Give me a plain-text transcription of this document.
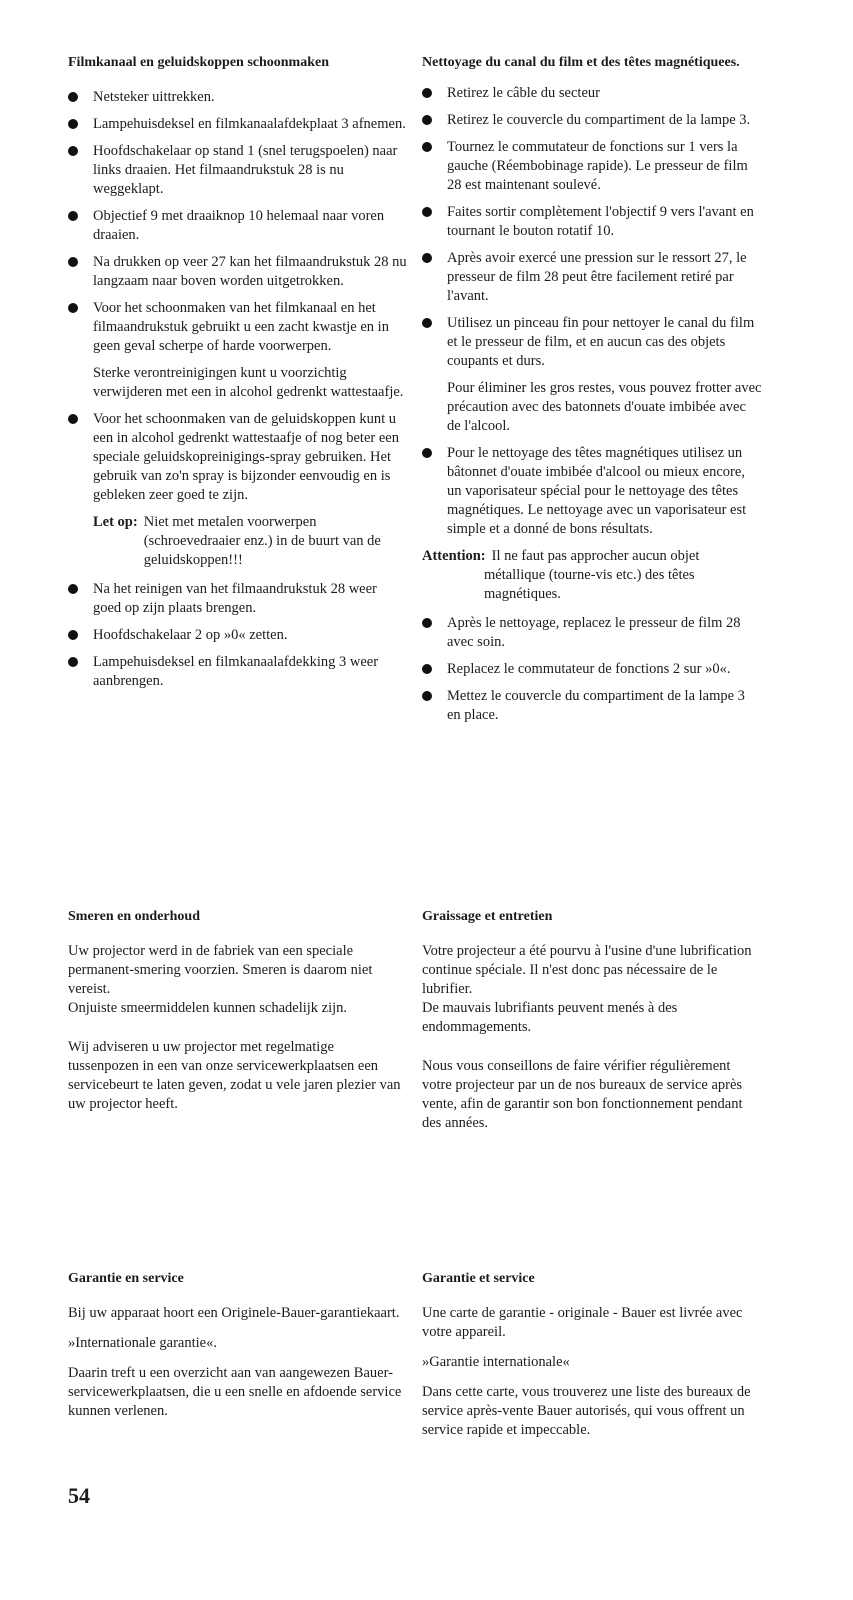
Filmkanaal en geluidskoppen schoonmaken
Netsteker uittrekken.
Lampehuisdeksel en filmkanaalafdekplaat 3 afnemen.
Hoofdschakelaar op stand 1 (snel terugspoelen) naar links draaien. Het filmaandrukstuk 28 is nu weggeklapt.
Objectief 9 met draaiknop 10 helemaal naar voren draaien.
Na drukken op veer 27 kan het filmaandrukstuk 28 nu langzaam naar boven worden uitgetrokken.
Voor het schoonmaken van het filmkanaal en het filmaandrukstuk gebruikt u een zacht kwastje en in geen geval scherpe of harde voorwerpen.
Sterke verontreinigingen kunt u voorzichtig verwijderen met een in alcohol gedrenkt wattestaafje.
Voor het schoonmaken van de geluidskoppen kunt u een in alcohol gedrenkt wattestaafje of nog beter een speciale geluidskopreinigings-spray gebruiken. Het gebruik van zo'n spray is bijzonder eenvoudig en is gebleken zeer goed te zijn.
Let op: Niet met metalen voorwerpen (schroevedraaier enz.) in de buurt van de geluidskoppen!!!
Na het reinigen van het filmaandrukstuk 28 weer goed op zijn plaats brengen.
Hoofdschakelaar 2 op »0« zetten.
Lampehuisdeksel en filmkanaalafdekking 3 weer aanbrengen.
Nettoyage du canal du film et des têtes magnétiquees.
Retirez le câble du secteur
Retirez le couvercle du compartiment de la lampe 3.
Tournez le commutateur de fonctions sur 1 vers la gauche (Réembobinage rapide). Le presseur de film 28 est maintenant soulevé.
Faites sortir complètement l'objectif 9 vers l'avant en tournant le bouton rotatif 10.
Après avoir exercé une pression sur le ressort 27, le presseur de film 28 peut être facilement retiré par l'avant.
Utilisez un pinceau fin pour nettoyer le canal du film et le presseur de film, et en aucun cas des objets coupants et durs.
Pour éliminer les gros restes, vous pouvez frotter avec précaution avec des batonnets d'ouate imbibée avec de l'alcool.
Pour le nettoyage des têtes magnétiques utilisez un bâtonnet d'ouate imbibée d'alcool ou mieux encore, un vaporisateur spécial pour le nettoyage des têtes magnétiques. Le nettoyage avec un vaporisateur est simple et a donné de bons résultats.
Attention: Il ne faut pas approcher aucun objet métallique (tourne-vis etc.) des têtes magnétiques.
Après le nettoyage, replacez le presseur de film 28 avec soin.
Replacez le commutateur de fonctions 2 sur »0«.
Mettez le couvercle du compartiment de la lampe 3 en place.
Smeren en onderhoud
Uw projector werd in de fabriek van een speciale permanent-smering voorzien. Smeren is daarom niet vereist.
Onjuiste smeermiddelen kunnen schadelijk zijn.
Wij adviseren u uw projector met regelmatige tussenpozen in een van onze servicewerkplaatsen een servicebeurt te laten geven, zodat u vele jaren plezier van uw projector heeft.
Graissage et entretien
Votre projecteur a été pourvu à l'usine d'une lubrification continue spéciale. Il n'est donc pas nécessaire de le lubrifier.
De mauvais lubrifiants peuvent menés à des endommagements.
Nous vous conseillons de faire vérifier régulièrement votre projecteur par un de nos bureaux de service après vente, afin de garantir son bon fonctionnement pendant des années.
Garantie en service
Bij uw apparaat hoort een Originele-Bauer-garantiekaart.
»Internationale garantie«.
Daarin treft u een overzicht aan van aangewezen Bauer-servicewerkplaatsen, die u een snelle en afdoende service kunnen verlenen.
Garantie et service
Une carte de garantie - originale - Bauer est livrée avec votre appareil.
»Garantie internationale«
Dans cette carte, vous trouverez une liste des bureaux de service après-vente Bauer autorisés, qui vous offrent un service rapide et impeccable.
54
